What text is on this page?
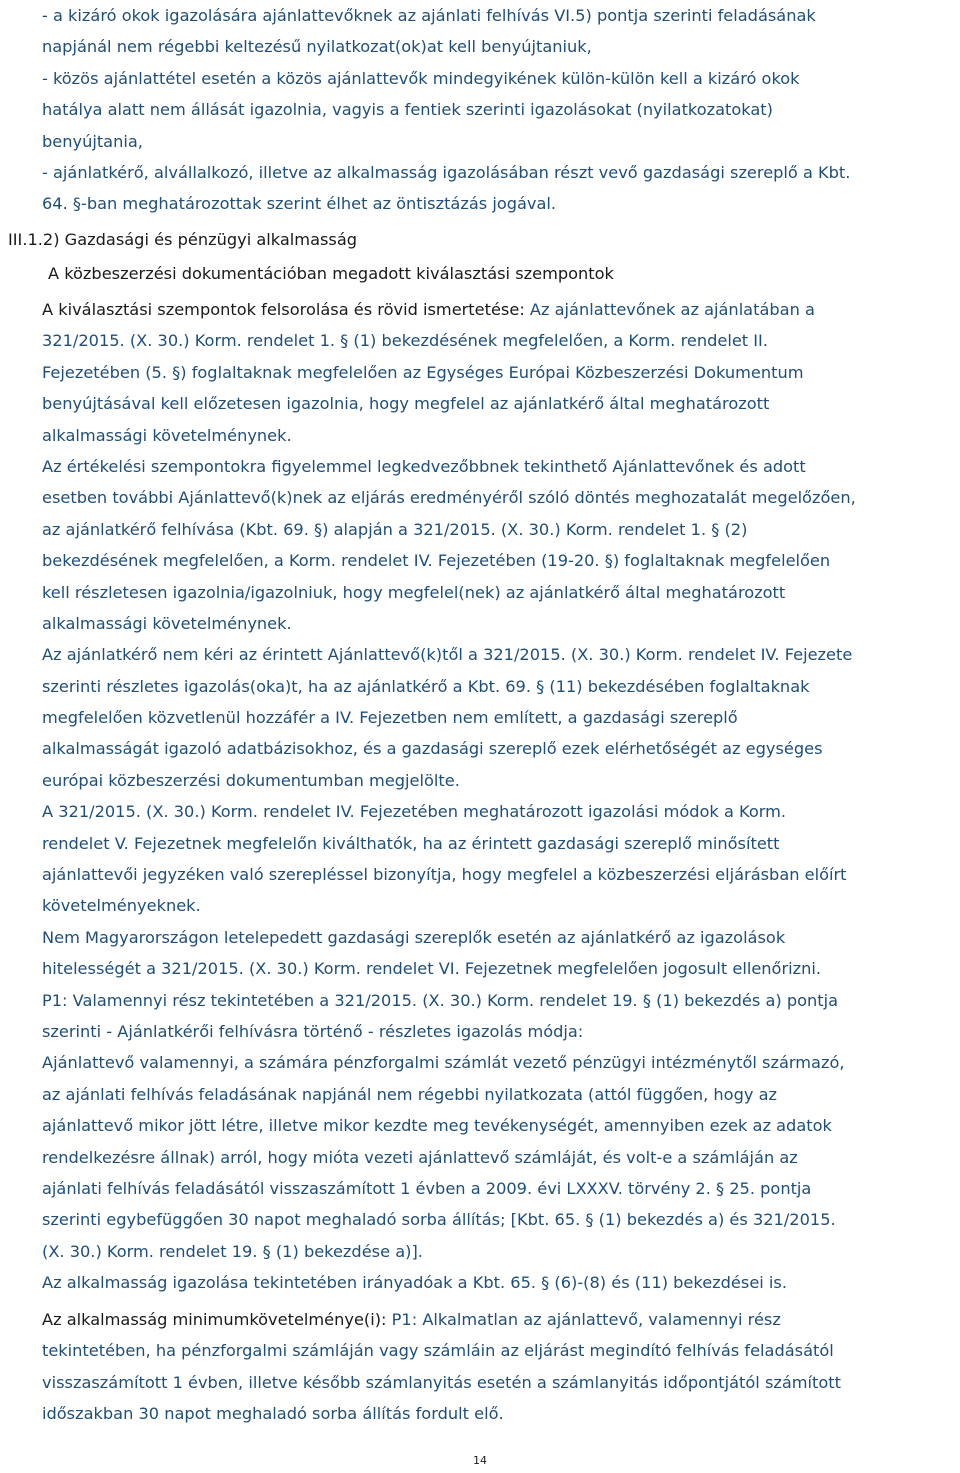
- a kizáró okok igazolására ajánlattevőknek az ajánlati felhívás VI.5) pontja szerinti feladásának
napjánál nem régebbi keltezésű nyilatkozat(ok)at kell benyújtaniuk,
- közös ajánlattétel esetén a közös ajánlattevők mindegyikének külön-külön kell a kizáró okok
hatálya alatt nem állását igazolnia, vagyis a fentiek szerinti igazolásokat (nyilatkozatokat)
benyújtania,
- ajánlatkérő, alvállalkozó, illetve az alkalmasság igazolásában részt vevő gazdasági szereplő a Kbt.
64. §-ban meghatározottak szerint élhet az öntisztázás jogával.
III.1.2) Gazdasági és pénzügyi alkalmasság
A közbeszerzési dokumentációban megadott kiválasztási szempontok
A kiválasztási szempontok felsorolása és rövid ismertetése: Az ajánlattevőnek az ajánlatában a
321/2015. (X. 30.) Korm. rendelet 1. § (1) bekezdésének megfelelően, a Korm. rendelet II.
Fejezetében (5. §) foglaltaknak megfelelően az Egységes Európai Közbeszerzési Dokumentum
benyújtásával kell előzetesen igazolnia, hogy megfelel az ajánlatkérő által meghatározott
alkalmassági követelménynek.
Az értékelési szempontokra figyelemmel legkedvezőbbnek tekinthető Ajánlattevőnek és adott
esetben további Ajánlattevő(k)nek az eljárás eredményéről szóló döntés meghozatalát megelőzően,
az ajánlatkérő felhívása (Kbt. 69. §) alapján a 321/2015. (X. 30.) Korm. rendelet 1. § (2)
bekezdésének megfelelően, a Korm. rendelet IV. Fejezetében (19-20. §) foglaltaknak megfelelően
kell részletesen igazolnia/igazolniuk, hogy megfelel(nek) az ajánlatkérő által meghatározott
alkalmassági követelménynek.
Az ajánlatkérő nem kéri az érintett Ajánlattevő(k)től a 321/2015. (X. 30.) Korm. rendelet IV. Fejezete
szerinti részletes igazolás(oka)t, ha az ajánlatkérő a Kbt. 69. § (11) bekezdésében foglaltaknak
megfelelően közvetlenül hozzáfér a IV. Fejezetben nem említett, a gazdasági szereplő
alkalmasságát igazoló adatbázisokhoz, és a gazdasági szereplő ezek elérhetőségét az egységes
európai közbeszerzési dokumentumban megjelölte.
A 321/2015. (X. 30.) Korm. rendelet IV. Fejezetében meghatározott igazolási módok a Korm.
rendelet V. Fejezetnek megfelelőn kiválthatók, ha az érintett gazdasági szereplő minősített
ajánlattevői jegyzéken való szerepléssel bizonyítja, hogy megfelel a közbeszerzési eljárásban előírt
követelményeknek.
Nem Magyarországon letelepedett gazdasági szereplők esetén az ajánlatkérő az igazolások
hitelességét a 321/2015. (X. 30.) Korm. rendelet VI. Fejezetnek megfelelően jogosult ellenőrizni.
P1: Valamennyi rész tekintetében a 321/2015. (X. 30.) Korm. rendelet 19. § (1) bekezdés a) pontja
szerinti - Ajánlatkérői felhívásra történő - részletes igazolás módja:
Ajánlattevő valamennyi, a számára pénzforgalmi számlát vezető pénzügyi intézménytől származó,
az ajánlati felhívás feladásának napjánál nem régebbi nyilatkozata (attól függően, hogy az
ajánlattevő mikor jött létre, illetve mikor kezdte meg tevékenységét, amennyiben ezek az adatok
rendelkezésre állnak) arról, hogy mióta vezeti ajánlattevő számláját, és volt-e a számláján az
ajánlati felhívás feladásától visszaszámított 1 évben a 2009. évi LXXXV. törvény 2. § 25. pontja
szerinti egybefüggően 30 napot meghaladó sorba állítás; [Kbt. 65. § (1) bekezdés a) és 321/2015.
(X. 30.) Korm. rendelet 19. § (1) bekezdése a)].
Az alkalmasság igazolása tekintetében irányadóak a Kbt. 65. § (6)-(8) és (11) bekezdései is.
Az alkalmasság minimumkövetelménye(i): P1: Alkalmatlan az ajánlattevő, valamennyi rész
tekintetében, ha pénzforgalmi számláján vagy számláin az eljárást megindító felhívás feladásától
visszaszámított 1 évben, illetve később számlanyitás esetén a számlanyitás időpontjától számított
időszakban 30 napot meghaladó sorba állítás fordult elő.
14
